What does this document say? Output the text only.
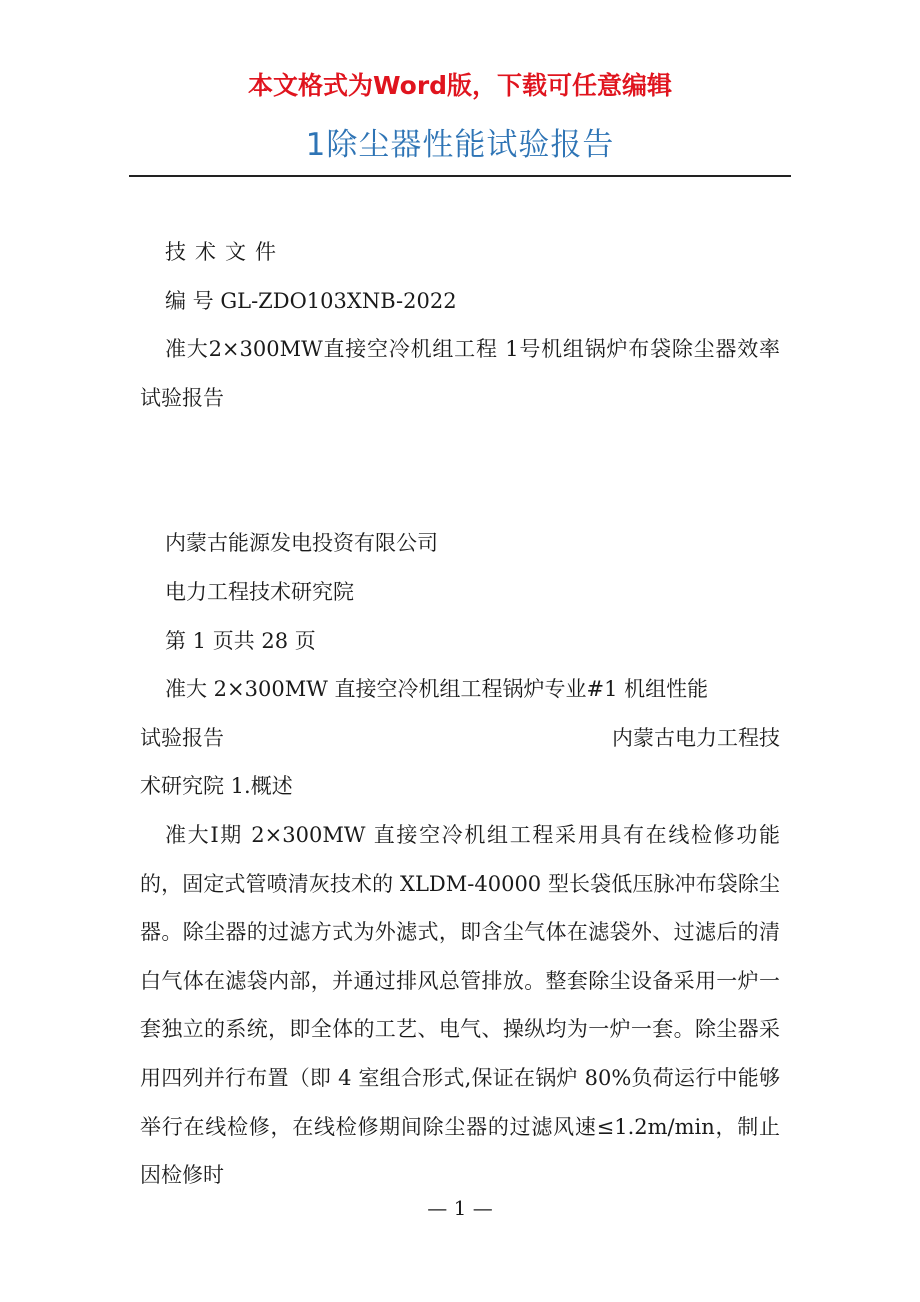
本文格式为Word版，下载可任意编辑
1除尘器性能试验报告

技术文件

编 号 GL-ZDO103XNB-2022

准大2×300MW直接空冷机组工程 1号机组锅炉布袋除尘器效率试验报告

内蒙古能源发电投资有限公司

电力工程技术研究院

第 1 页共 28 页

准大 2×300MW 直接空冷机组工程锅炉专业#1 机组性能

试验报告	内蒙古电力工程技

术研究院 1.概述

准大Ⅰ期 2×300MW 直接空冷机组工程采用具有在线检修功能的，固定式管喷清灰技术的 XLDM-40000 型长袋低压脉冲布袋除尘器。除尘器的过滤方式为外滤式，即含尘气体在滤袋外、过滤后的清白气体在滤袋内部，并通过排风总管排放。整套除尘设备采用一炉一套独立的系统，即全体的工艺、电气、操纵均为一炉一套。除尘器采用四列并行布置（即 4 室组合形式,保证在锅炉 80%负荷运行中能够举行在线检修，在线检修期间除尘器的过滤风速≤1.2m/min，制止因检修时

— 1 —
